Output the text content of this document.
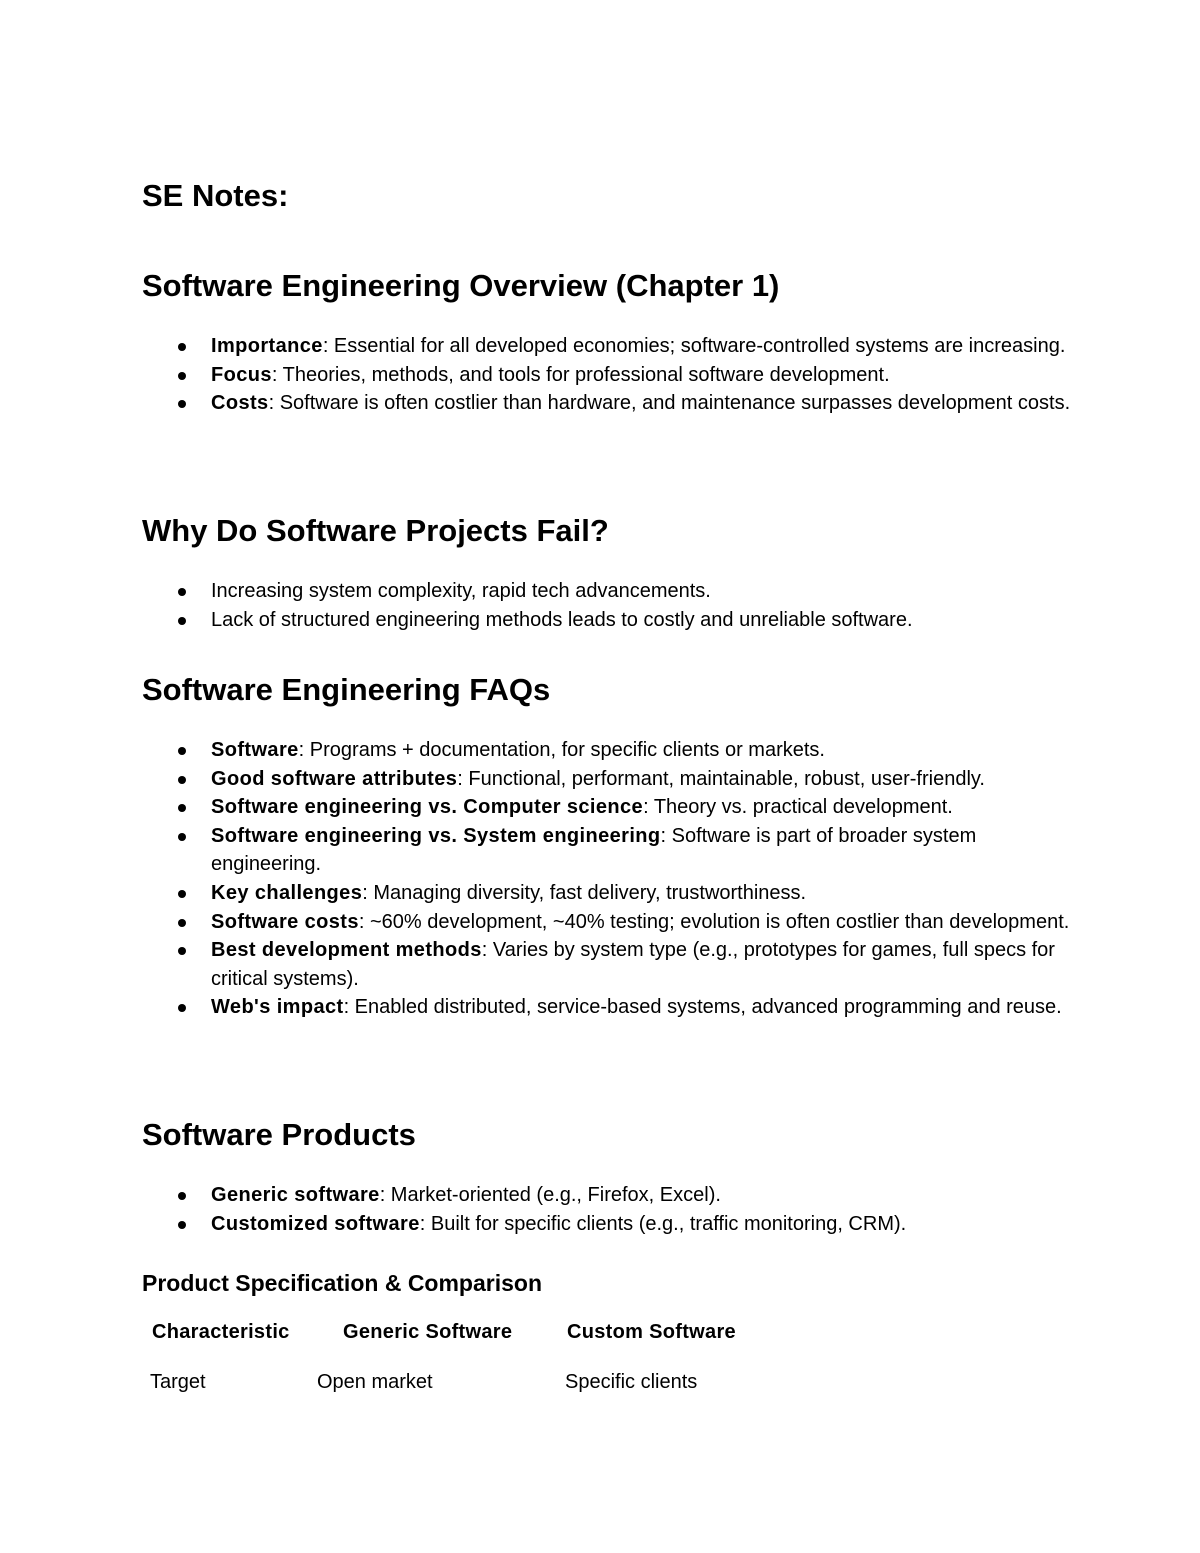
SE Notes:
Software Engineering Overview (Chapter 1)
Importance: Essential for all developed economies; software-controlled systems are increasing.
Focus: Theories, methods, and tools for professional software development.
Costs: Software is often costlier than hardware, and maintenance surpasses development costs.
Why Do Software Projects Fail?
Increasing system complexity, rapid tech advancements.
Lack of structured engineering methods leads to costly and unreliable software.
Software Engineering FAQs
Software: Programs + documentation, for specific clients or markets.
Good software attributes: Functional, performant, maintainable, robust, user-friendly.
Software engineering vs. Computer science: Theory vs. practical development.
Software engineering vs. System engineering: Software is part of broader system engineering.
Key challenges: Managing diversity, fast delivery, trustworthiness.
Software costs: ~60% development, ~40% testing; evolution is often costlier than development.
Best development methods: Varies by system type (e.g., prototypes for games, full specs for critical systems).
Web's impact: Enabled distributed, service-based systems, advanced programming and reuse.
Software Products
Generic software: Market-oriented (e.g., Firefox, Excel).
Customized software: Built for specific clients (e.g., traffic monitoring, CRM).
Product Specification & Comparison
Characteristic	Generic Software	Custom Software
Target	Open market	Specific clients
